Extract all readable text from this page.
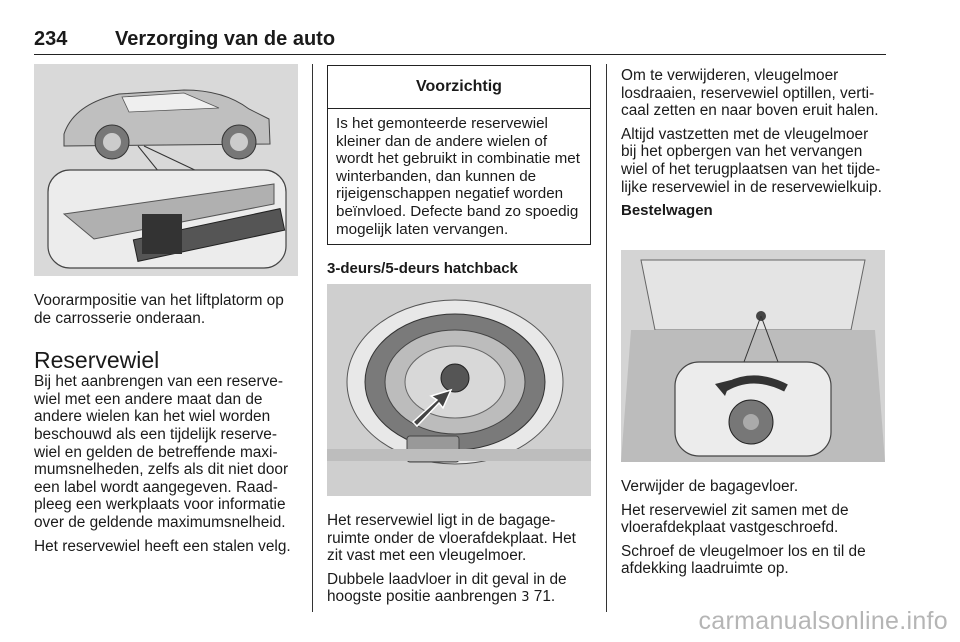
234 Verzorging van de auto

Voorarmpositie van het liftplatorm op de carrosserie onderaan.

Reservewiel

Bij het aanbrengen van een reservewiel met een andere maat dan de andere wielen kan het wiel worden beschouwd als een tijdelijk reservewiel en gelden de betreffende maximumsnelheden, zelfs als dit niet door een label wordt aangegeven. Raadpleeg een werkplaats voor informatie over de geldende maximumsnelheid.

Het reservewiel heeft een stalen velg.

Voorzichtig
Is het gemonteerde reservewiel kleiner dan de andere wielen of wordt het gebruikt in combinatie met winterbanden, dan kunnen de rijeigenschappen negatief worden beïnvloed. Defecte band zo spoedig mogelijk laten vervangen.
3-deurs/5-deurs hatchback

Het reservewiel ligt in de bagageruimte onder de vloerafdekplaat. Het zit vast met een vleugelmoer.

Dubbele laadvloer in dit geval in de hoogste positie aanbrengen 3 71.

Om te verwijderen, vleugelmoer losdraaien, reservewiel optillen, verticaal zetten en naar boven eruit halen.

Altijd vastzetten met de vleugelmoer bij het opbergen van het vervangen wiel of het terugplaatsen van het tijdelijke reservewiel in de reservewielkuip.

Bestelwagen

Verwijder de bagagevloer.

Het reservewiel zit samen met de vloerafdekplaat vastgeschroefd.

Schroef de vleugelmoer los en til de afdekking laadruimte op.

carmanualsonline.info
